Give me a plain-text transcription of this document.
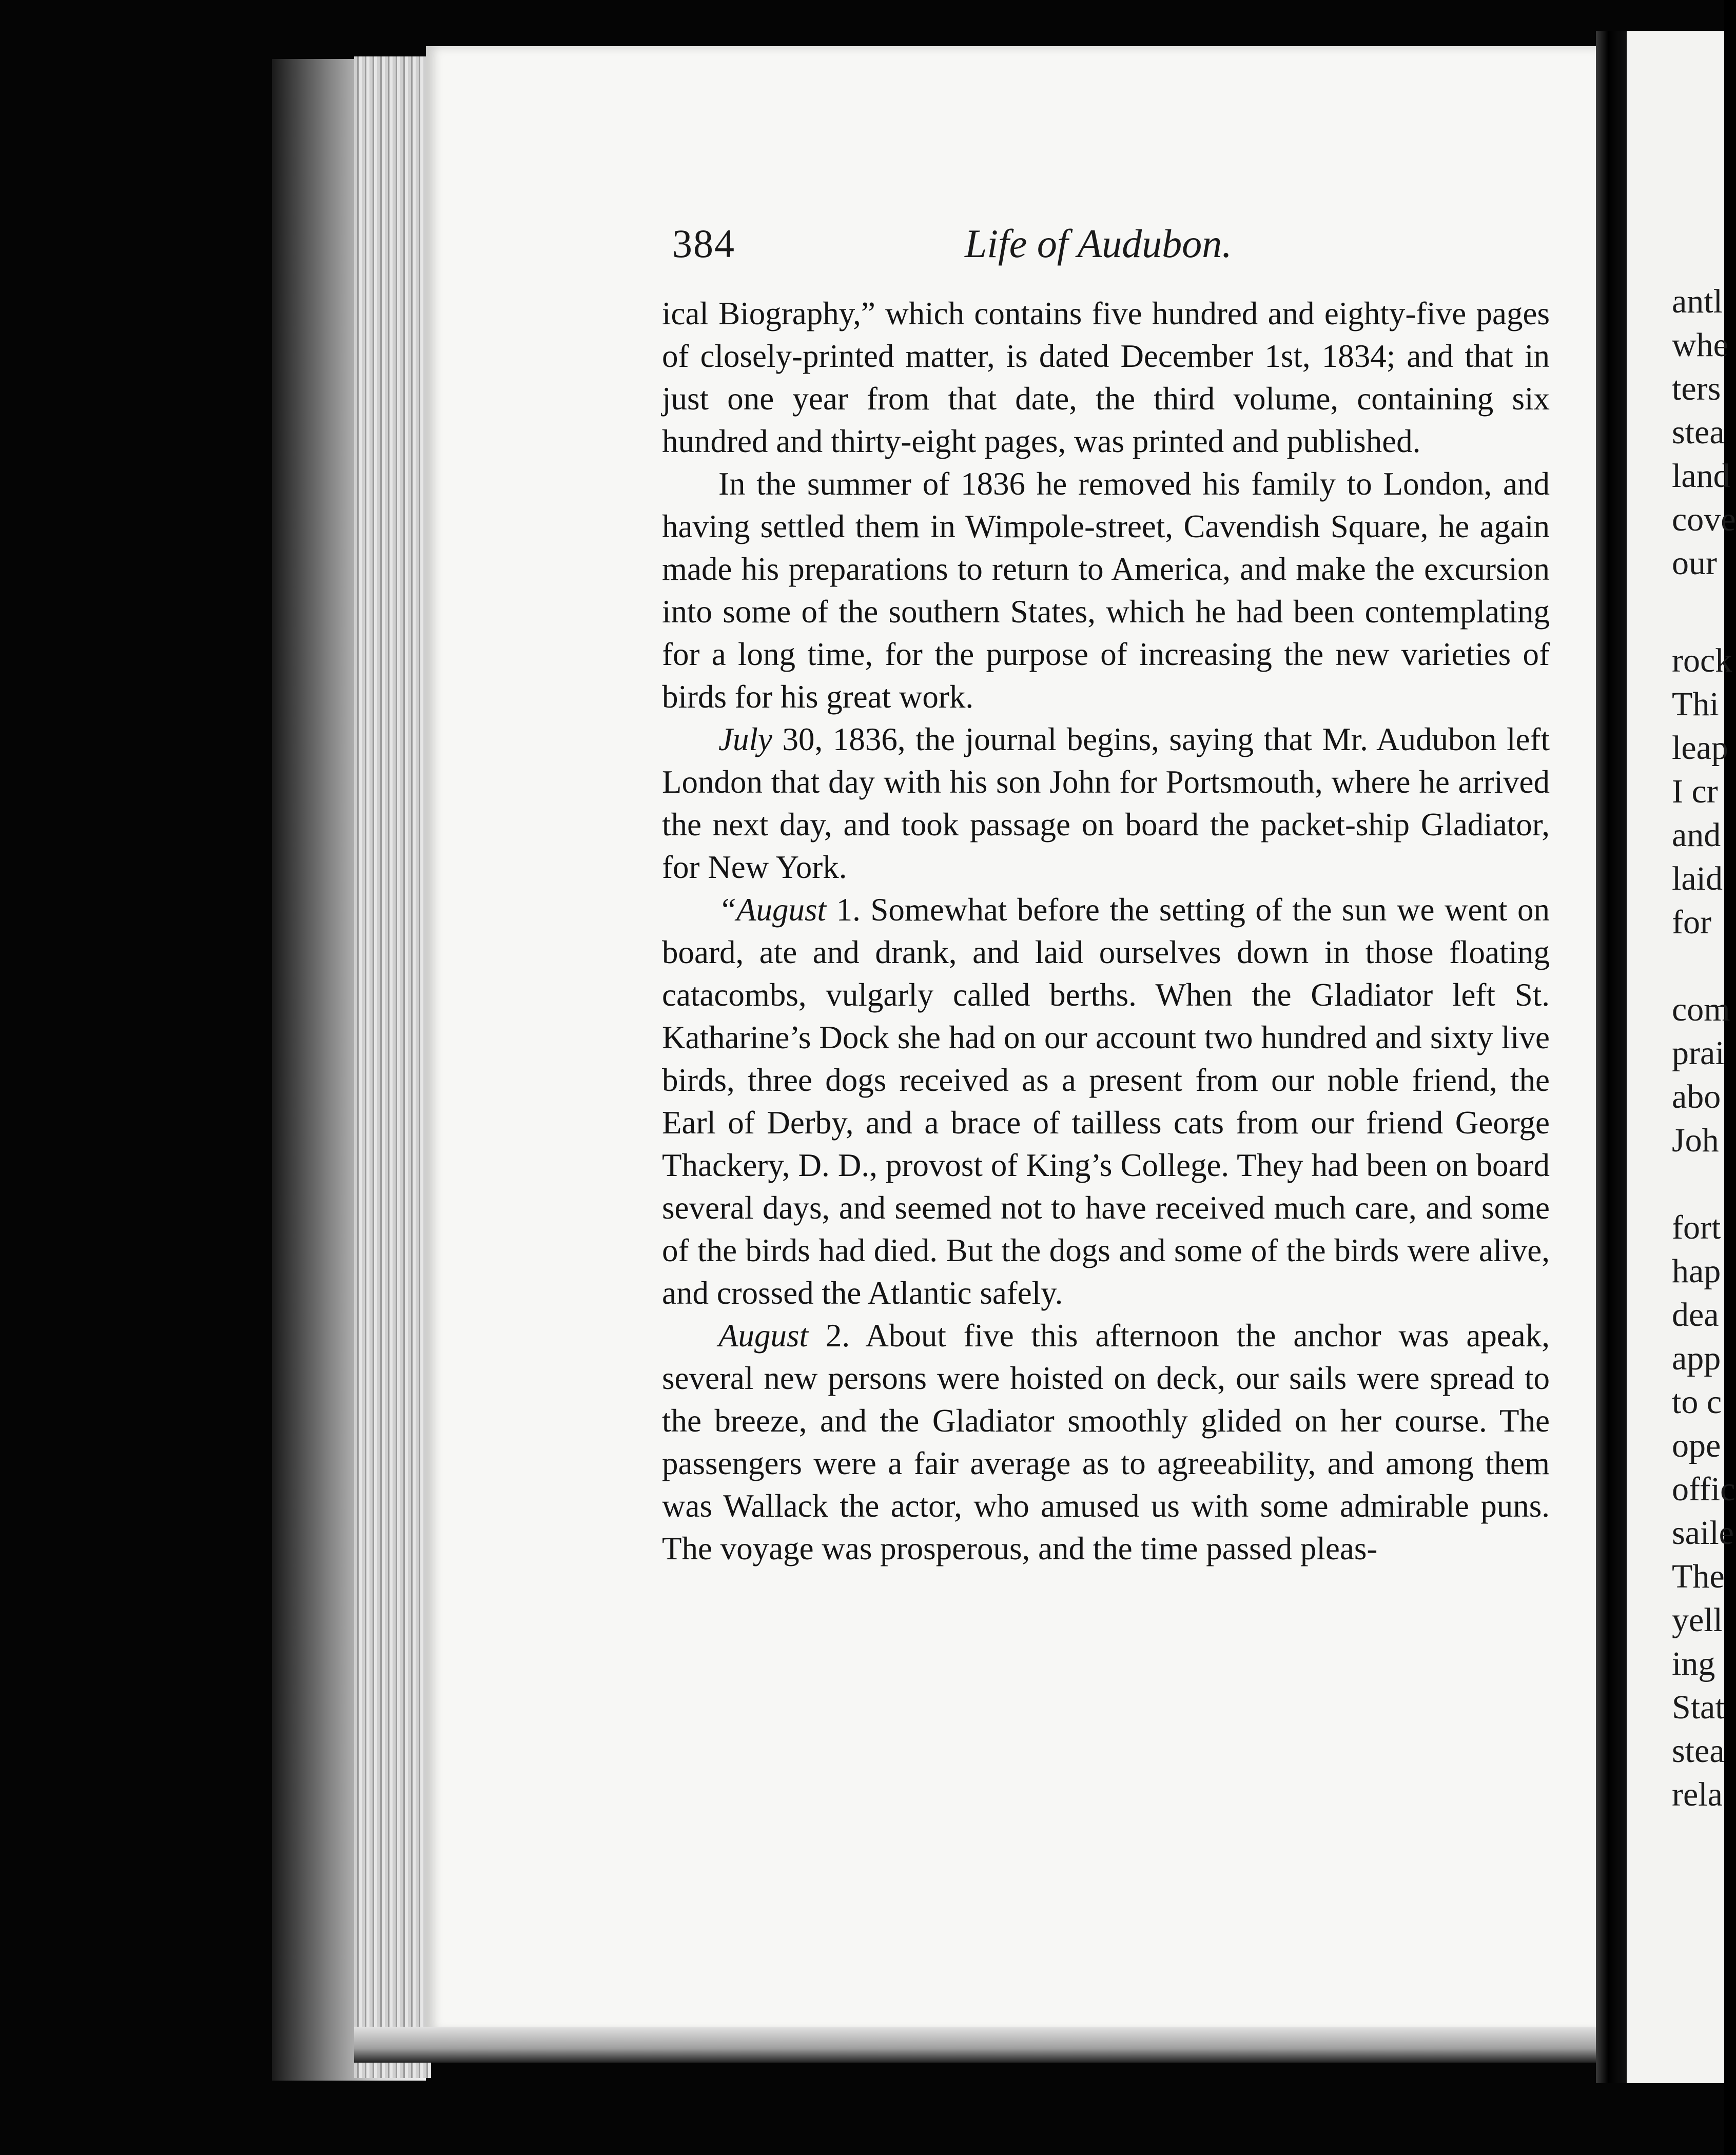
antl
whe
ters
stea
land
cove
our
rock
Thi
leap
I cr
and
laid
for
com
prai
abo
Joh
fort
hap
dea
app
to c
ope
offic
saile
The
yell
ing
Stat
stea
rela
384	Life of Audubon.

ical Biography,” which contains five hundred and eighty-five pages of closely-printed matter, is dated December 1st, 1834; and that in just one year from that date, the third volume, containing six hundred and thirty-eight pages, was printed and published.

In the summer of 1836 he removed his family to London, and having settled them in Wimpole-street, Cavendish Square, he again made his preparations to return to America, and make the excursion into some of the southern States, which he had been contemplating for a long time, for the purpose of increasing the new varieties of birds for his great work.

July 30, 1836, the journal begins, saying that Mr. Audubon left London that day with his son John for Portsmouth, where he arrived the next day, and took passage on board the packet-ship Gladiator, for New York.

“August 1. Somewhat before the setting of the sun we went on board, ate and drank, and laid ourselves down in those floating catacombs, vulgarly called berths. When the Gladiator left St. Katharine’s Dock she had on our account two hundred and sixty live birds, three dogs received as a present from our noble friend, the Earl of Derby, and a brace of tailless cats from our friend George Thackery, D. D., provost of King’s College. They had been on board several days, and seemed not to have received much care, and some of the birds had died. But the dogs and some of the birds were alive, and crossed the Atlantic safely.

August 2. About five this afternoon the anchor was apeak, several new persons were hoisted on deck, our sails were spread to the breeze, and the Gladiator smoothly glided on her course. The passengers were a fair average as to agreeability, and among them was Wallack the actor, who amused us with some admirable puns. The voyage was prosperous, and the time passed pleas-
